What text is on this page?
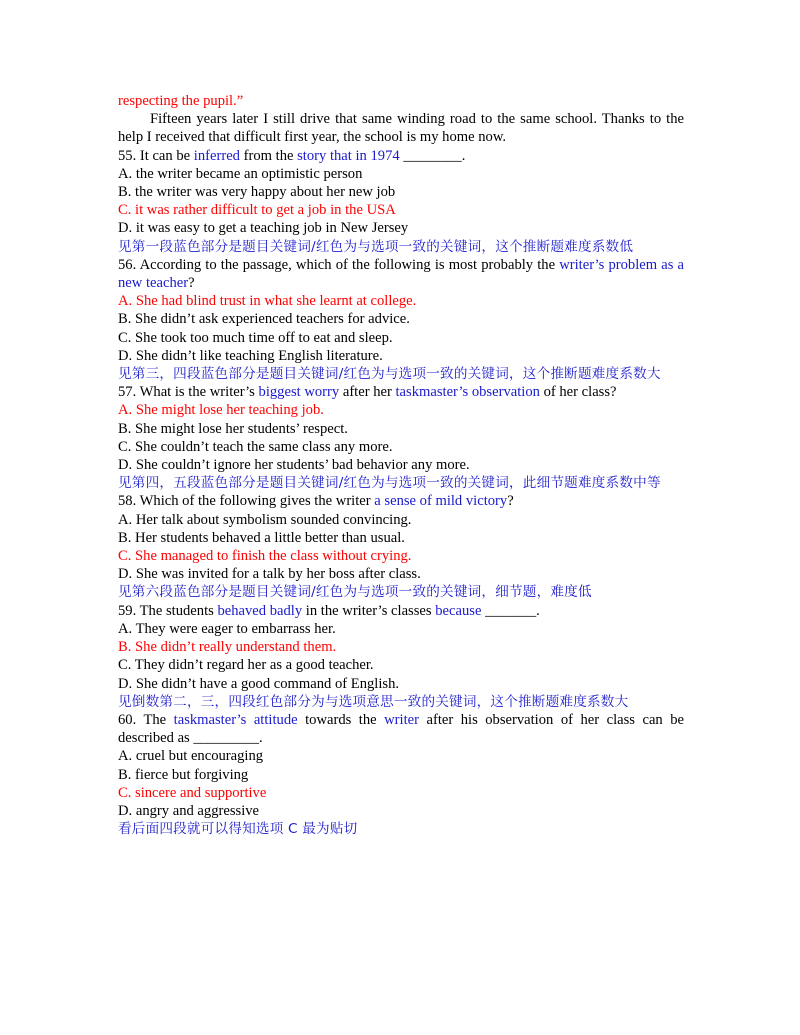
respecting the pupil.”

Fifteen years later I still drive that same winding road to the same school. Thanks to the help I received that difficult first year, the school is my home now.

55. It can be inferred from the story that in 1974 ________.

A. the writer became an optimistic person

B. the writer was very happy about her new job

C. it was rather difficult to get a job in the USA

D. it was easy to get a teaching job in New Jersey

见第一段蓝色部分是题目关键词/红色为与选项一致的关键词，这个推断题难度系数低

56. According to the passage, which of the following is most probably the writer’s problem as a new teacher?

A. She had blind trust in what she learnt at college.

B. She didn’t ask experienced teachers for advice.

C. She took too much time off to eat and sleep.

D. She didn’t like teaching English literature.

见第三，四段蓝色部分是题目关键词/红色为与选项一致的关键词，这个推断题难度系数大

57. What is the writer’s biggest worry after her taskmaster’s observation of her class?

A. She might lose her teaching job.

B. She might lose her students’ respect.

C. She couldn’t teach the same class any more.

D. She couldn’t ignore her students’ bad behavior any more.

见第四，五段蓝色部分是题目关键词/红色为与选项一致的关键词，此细节题难度系数中等

58. Which of the following gives the writer a sense of mild victory?

A. Her talk about symbolism sounded convincing.

B. Her students behaved a little better than usual.

C. She managed to finish the class without crying.

D. She was invited for a talk by her boss after class.

见第六段蓝色部分是题目关键词/红色为与选项一致的关键词，细节题，难度低

59. The students behaved badly in the writer’s classes because _______.

A. They were eager to embarrass her.

B. She didn’t really understand them.

C. They didn’t regard her as a good teacher.

D. She didn’t have a good command of English.

见倒数第二，三，四段红色部分为与选项意思一致的关键词，这个推断题难度系数大

60. The taskmaster’s attitude towards the writer after his observation of her class can be described as _________.

A. cruel but encouraging

B. fierce but forgiving

C. sincere and supportive

D. angry and aggressive

看后面四段就可以得知选项 C 最为贴切
